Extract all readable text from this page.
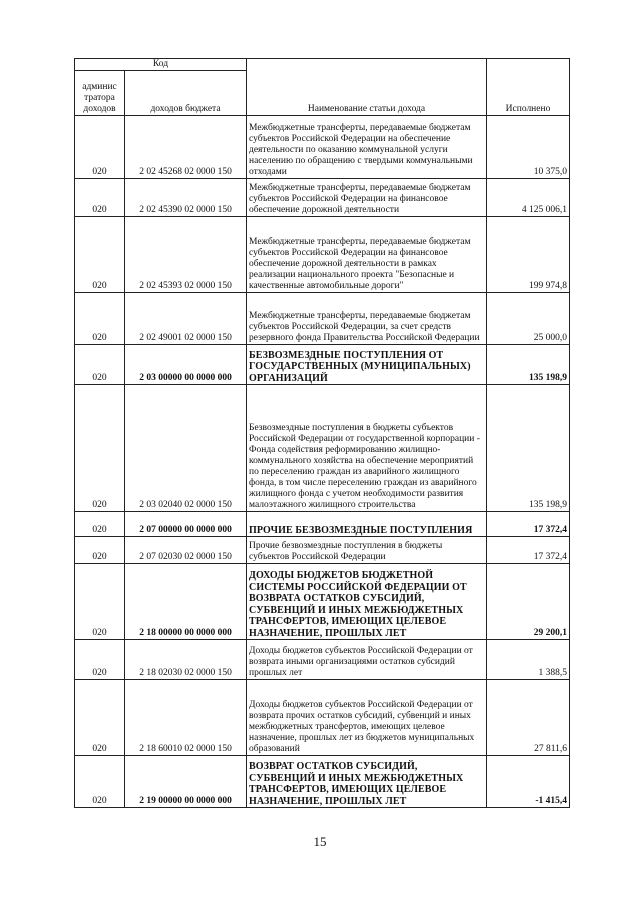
Код		Наименование статьи дохода	Исполнено
админис тратора доходов	доходов бюджета		
020	2 02 45268 02 0000 150	Межбюджетные трансферты, передаваемые бюджетам субъектов Российской Федерации на обеспечение деятельности по оказанию коммунальной услуги населению по обращению с твердыми коммунальными отходами	10 375,0
020	2 02 45390 02 0000 150	Межбюджетные трансферты, передаваемые бюджетам субъектов Российской Федерации на финансовое обеспечение дорожной деятельности	4 125 006,1
020	2 02 45393 02 0000 150	Межбюджетные трансферты, передаваемые бюджетам субъектов Российской Федерации на финансовое обеспечение дорожной деятельности в рамках реализации национального проекта "Безопасные и качественные автомобильные дороги"	199 974,8
020	2 02 49001 02 0000 150	Межбюджетные трансферты, передаваемые бюджетам субъектов Российской Федерации, за счет средств резервного фонда Правительства Российской Федерации	25 000,0
020	2 03 00000 00 0000 000	БЕЗВОЗМЕЗДНЫЕ ПОСТУПЛЕНИЯ ОТ ГОСУДАРСТВЕННЫХ (МУНИЦИПАЛЬНЫХ) ОРГАНИЗАЦИЙ	135 198,9
020	2 03 02040 02 0000 150	Безвозмездные поступления в бюджеты субъектов Российской Федерации от государственной корпорации - Фонда содействия реформированию жилищно-коммунального хозяйства на обеспечение мероприятий по переселению граждан из аварийного жилищного фонда, в том числе переселению граждан из аварийного жилищного фонда с учетом необходимости развития малоэтажного жилищного строительства	135 198,9
020	2 07 00000 00 0000 000	ПРОЧИЕ БЕЗВОЗМЕЗДНЫЕ ПОСТУПЛЕНИЯ	17 372,4
020	2 07 02030 02 0000 150	Прочие безвозмездные поступления в бюджеты субъектов Российской Федерации	17 372,4
020	2 18 00000 00 0000 000	ДОХОДЫ БЮДЖЕТОВ БЮДЖЕТНОЙ СИСТЕМЫ РОССИЙСКОЙ ФЕДЕРАЦИИ ОТ ВОЗВРАТА ОСТАТКОВ СУБСИДИЙ, СУБВЕНЦИЙ И ИНЫХ МЕЖБЮДЖЕТНЫХ ТРАНСФЕРТОВ, ИМЕЮЩИХ ЦЕЛЕВОЕ НАЗНАЧЕНИЕ, ПРОШЛЫХ ЛЕТ	29 200,1
020	2 18 02030 02 0000 150	Доходы бюджетов субъектов Российской Федерации от возврата иными организациями остатков субсидий прошлых лет	1 388,5
020	2 18 60010 02 0000 150	Доходы бюджетов субъектов Российской Федерации от возврата прочих остатков субсидий, субвенций и иных межбюджетных трансфертов, имеющих целевое назначение, прошлых лет из бюджетов муниципальных образований	27 811,6
020	2 19 00000 00 0000 000	ВОЗВРАТ ОСТАТКОВ СУБСИДИЙ, СУБВЕНЦИЙ И ИНЫХ МЕЖБЮДЖЕТНЫХ ТРАНСФЕРТОВ, ИМЕЮЩИХ ЦЕЛЕВОЕ НАЗНАЧЕНИЕ, ПРОШЛЫХ ЛЕТ	-1 415,4
15
